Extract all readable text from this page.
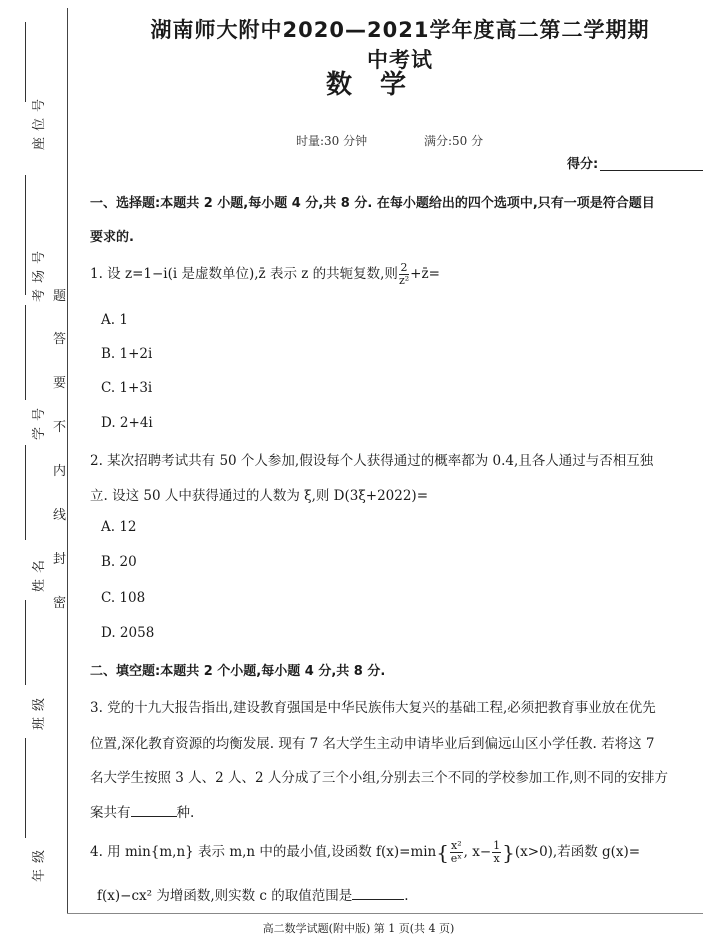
座位号
考场号
学号
姓名
班级
年级
题
答
要
不
内
线
封
密
湖南师大附中2020—2021学年度高二第二学期期中考试
数学
时量:30 分钟	满分:50 分
得分:
一、选择题:本题共 2 小题,每小题 4 分,共 8 分. 在每小题给出的四个选项中,只有一项是符合题目
要求的.
1. 设 z=1−i(i 是虚数单位),z̄ 表示 z 的共轭复数,则 $\frac{2}{\text{z²}}$ +z̄=
A. 1
B. 1+2i
C. 1+3i
D. 2+4i
2. 某次招聘考试共有 50 个人参加,假设每个人获得通过的概率都为 0.4,且各人通过与否相互独
立. 设这 50 人中获得通过的人数为 ξ,则 D(3ξ+2022)=
A. 12
B. 20
C. 108
D. 2058
二、填空题:本题共 2 个小题,每小题 4 分,共 8 分.
3. 党的十九大报告指出,建设教育强国是中华民族伟大复兴的基础工程,必须把教育事业放在优先
位置,深化教育资源的均衡发展. 现有 7 名大学生主动申请毕业后到偏远山区小学任教. 若将这 7
名大学生按照 3 人、2 人、2 人分成了三个小组,分别去三个不同的学校参加工作,则不同的安排方
案共有	种.
4. 用 min{m,n} 表示 m,n 中的最小值,设函数 $f(x)=\min\{ \frac{\text{x²}}{\text{eˣ}}$ , $x- \frac{1}{x} \}(x>0)$,若函数 g(x)=
f(x)−cx² 为增函数,则实数 c 的取值范围是	.
高二数学试题(附中版) 第 1 页(共 4 页)
